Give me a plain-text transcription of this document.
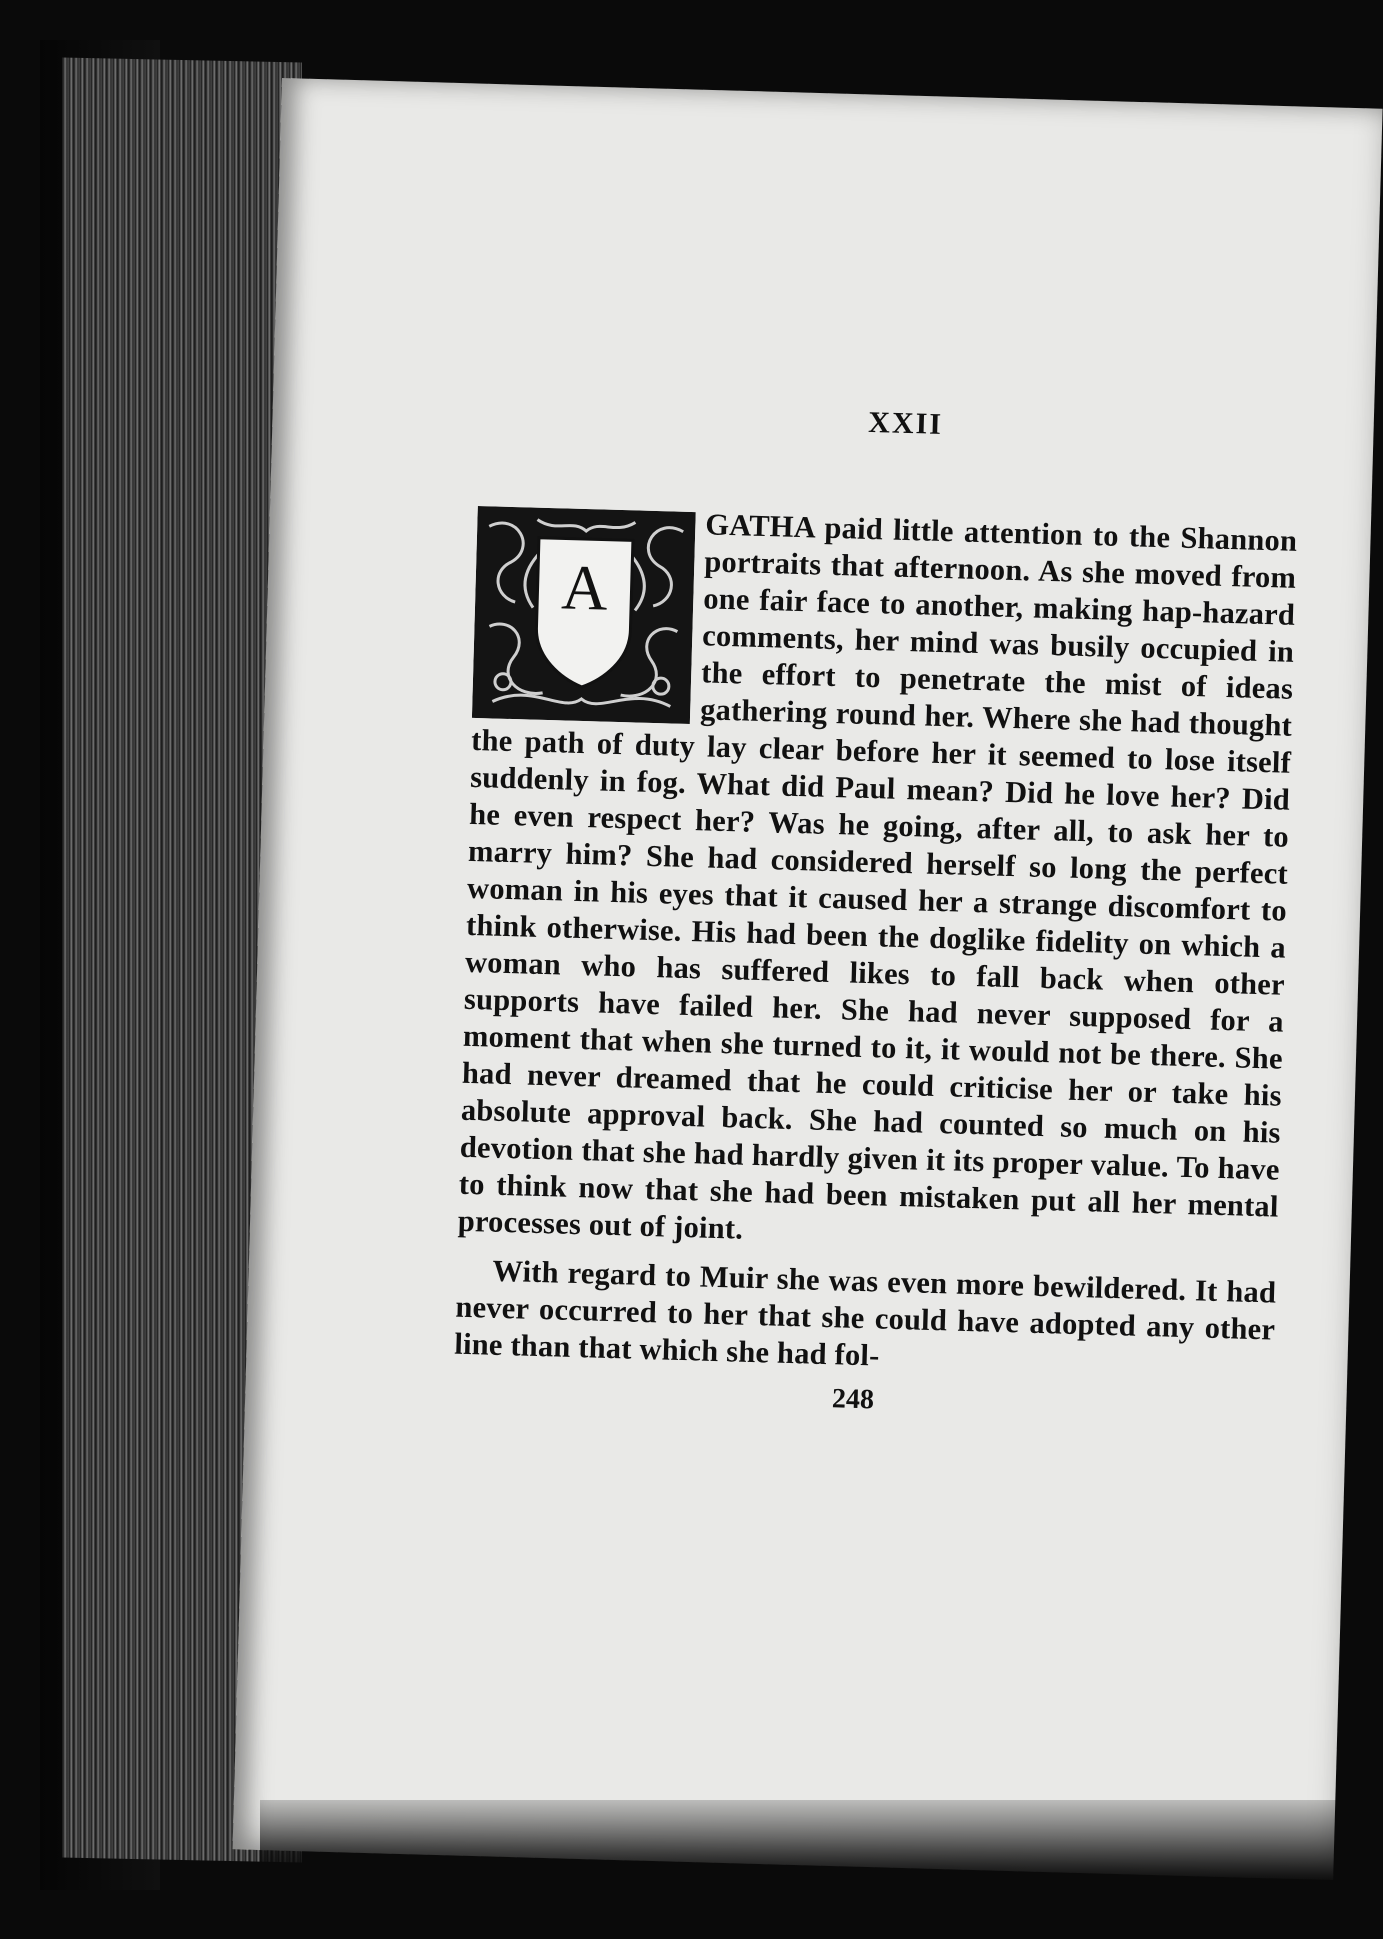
XXII
A

GATHA paid little attention to the Shannon portraits that afternoon. As she moved from one fair face to another, making hap-hazard comments, her mind was busily occupied in the effort to penetrate the mist of ideas gathering round her. Where she had thought the path of duty lay clear before her it seemed to lose itself suddenly in fog. What did Paul mean? Did he love her? Did he even respect her? Was he going, after all, to ask her to marry him? She had considered herself so long the perfect woman in his eyes that it caused her a strange discomfort to think otherwise. His had been the doglike fidelity on which a woman who has suffered likes to fall back when other supports have failed her. She had never supposed for a moment that when she turned to it, it would not be there. She had never dreamed that he could criticise her or take his absolute approval back. She had counted so much on his devotion that she had hardly given it its proper value. To have to think now that she had been mistaken put all her mental processes out of joint.

With regard to Muir she was even more bewildered. It had never occurred to her that she could have adopted any other line than that which she had fol-

248
